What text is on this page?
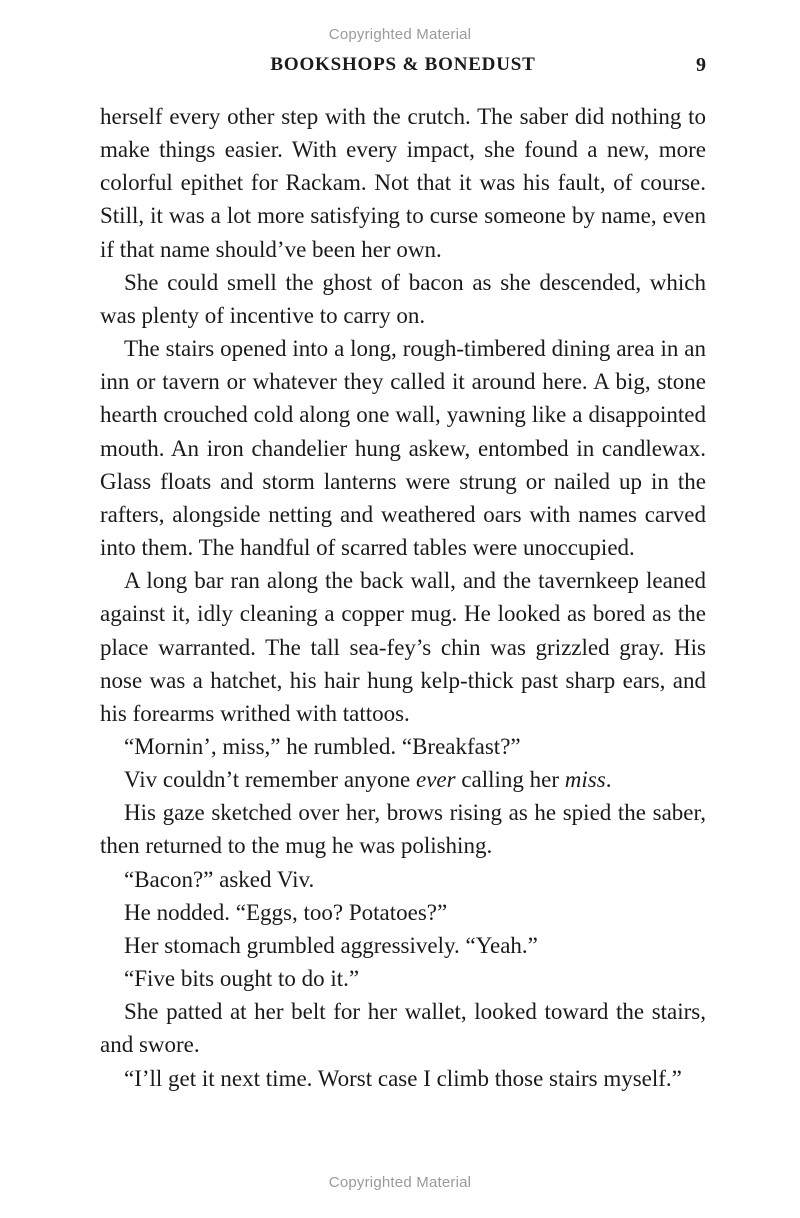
Copyrighted Material
BOOKSHOPS & BONEDUST	9

herself every other step with the crutch. The saber did nothing to make things easier. With every impact, she found a new, more colorful epithet for Rackam. Not that it was his fault, of course. Still, it was a lot more satisfying to curse someone by name, even if that name should’ve been her own.

She could smell the ghost of bacon as she descended, which was plenty of incentive to carry on.

The stairs opened into a long, rough-timbered dining area in an inn or tavern or whatever they called it around here. A big, stone hearth crouched cold along one wall, yawning like a disappointed mouth. An iron chandelier hung askew, entombed in candlewax. Glass floats and storm lanterns were strung or nailed up in the rafters, alongside netting and weathered oars with names carved into them. The handful of scarred tables were unoccupied.

A long bar ran along the back wall, and the tavernkeep leaned against it, idly cleaning a copper mug. He looked as bored as the place warranted. The tall sea-fey’s chin was grizzled gray. His nose was a hatchet, his hair hung kelp-thick past sharp ears, and his forearms writhed with tattoos.

“Mornin’, miss,” he rumbled. “Breakfast?”

Viv couldn’t remember anyone ever calling her miss.

His gaze sketched over her, brows rising as he spied the saber, then returned to the mug he was polishing.

“Bacon?” asked Viv.

He nodded. “Eggs, too? Potatoes?”

Her stomach grumbled aggressively. “Yeah.”

“Five bits ought to do it.”

She patted at her belt for her wallet, looked toward the stairs, and swore.

“I’ll get it next time. Worst case I climb those stairs myself.”

Copyrighted Material
